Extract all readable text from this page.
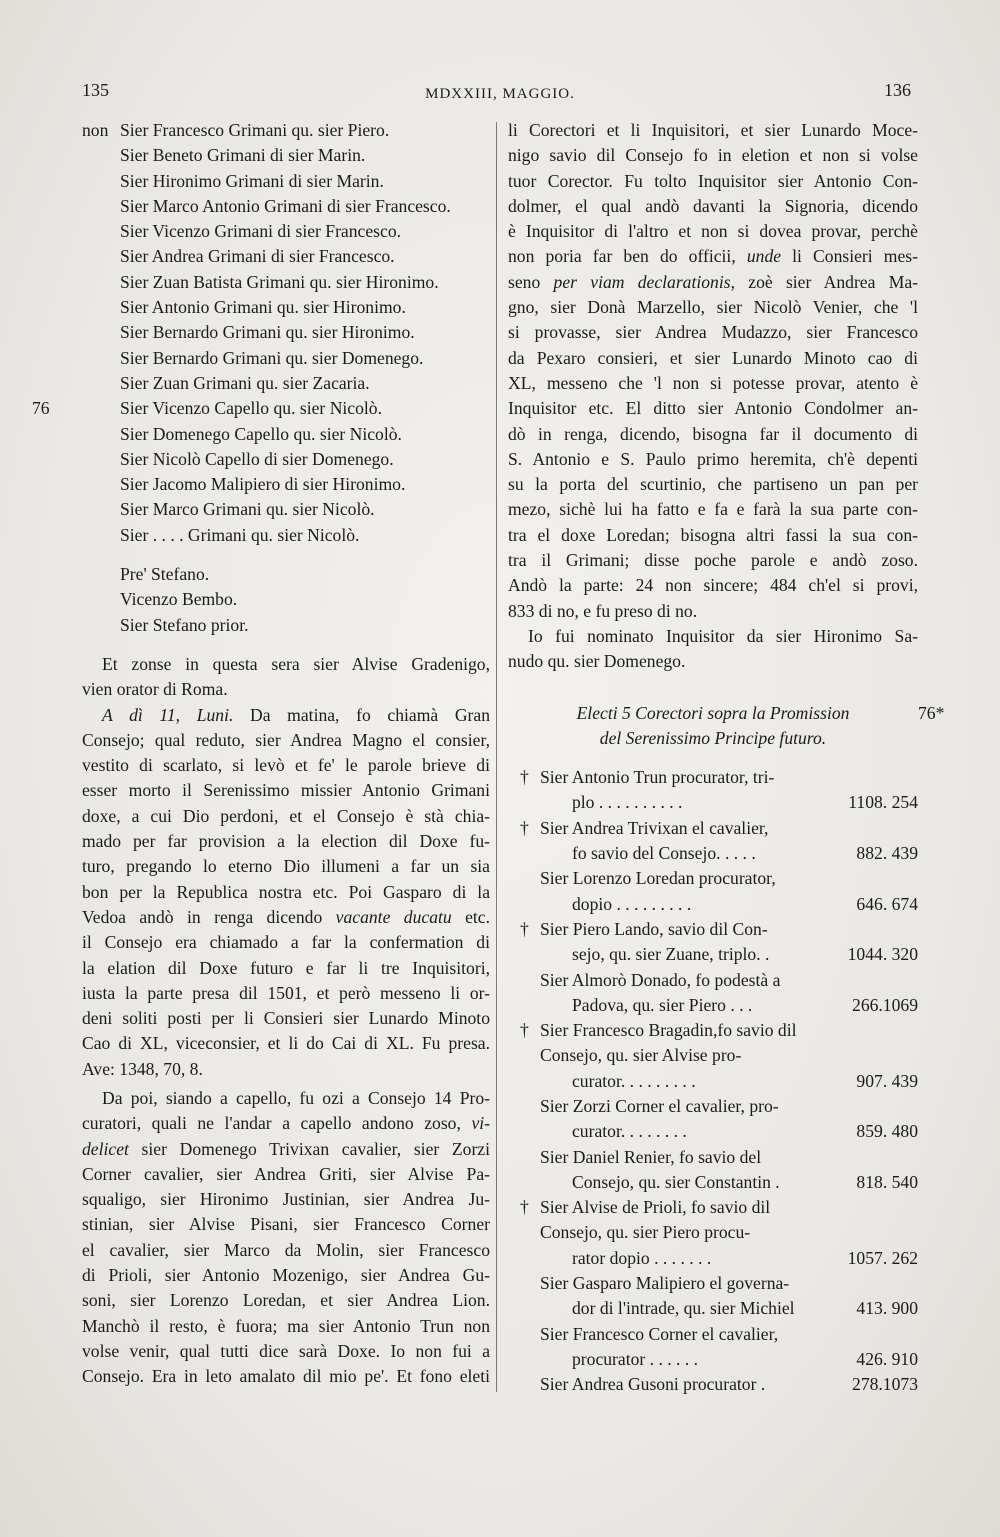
135	MDXXIII, MAGGIO.	136
non Sier Francesco Grimani qu. sier Piero.
Sier Beneto Grimani di sier Marin.
Sier Hironimo Grimani di sier Marin.
Sier Marco Antonio Grimani di sier Francesco.
Sier Vicenzo Grimani di sier Francesco.
Sier Andrea Grimani di sier Francesco.
Sier Zuan Batista Grimani qu. sier Hironimo.
Sier Antonio Grimani qu. sier Hironimo.
Sier Bernardo Grimani qu. sier Hironimo.
Sier Bernardo Grimani qu. sier Domenego.
Sier Zuan Grimani qu. sier Zacaria.
76	Sier Vicenzo Capello qu. sier Nicolò.
Sier Domenego Capello qu. sier Nicolò.
Sier Nicolò Capello di sier Domenego.
Sier Jacomo Malipiero di sier Hironimo.
Sier Marco Grimani qu. sier Nicolò.
Sier . . . . Grimani qu. sier Nicolò.
Pre' Stefano.
Vicenzo Bembo.
Sier Stefano prior.
Et zonse in questa sera sier Alvise Gradenigo,
vien orator di Roma.
A dì 11, Luni. Da matina, fo chiamà Gran
Consejo; qual reduto, sier Andrea Magno el consier,
vestito di scarlato, si levò et fe' le parole brieve di
esser morto il Serenissimo missier Antonio Grimani
doxe, a cui Dio perdoni, et el Consejo è stà chia-
mado per far provision a la election dil Doxe fu-
turo, pregando lo eterno Dio illumeni a far un sia
bon per la Republica nostra etc. Poi Gasparo di la
Vedoa andò in renga dicendo vacante ducatu etc.
il Consejo era chiamado a far la confermation di
la elation dil Doxe futuro e far li tre Inquisitori,
iusta la parte presa dil 1501, et però messeno li or-
deni soliti posti per li Consieri sier Lunardo Minoto
Cao di XL, viceconsier, et li do Cai di XL. Fu presa.
Ave: 1348, 70, 8.
Da poi, siando a capello, fu ozi a Consejo 14 Pro-
curatori, quali ne l'andar a capello andono zoso, vi-
delicet sier Domenego Trivixan cavalier, sier Zorzi
Corner cavalier, sier Andrea Griti, sier Alvise Pa-
squaligo, sier Hironimo Justinian, sier Andrea Ju-
stinian, sier Alvise Pisani, sier Francesco Corner
el cavalier, sier Marco da Molin, sier Francesco
di Prioli, sier Antonio Mozenigo, sier Andrea Gu-
soni, sier Lorenzo Loredan, et sier Andrea Lion.
Manchò il resto, è fuora; ma sier Antonio Trun non
volse venir, qual tutti dice sarà Doxe. Io non fui a
Consejo. Era in leto amalato dil mio pe'. Et fono eleti
li Corectori et li Inquisitori, et sier Lunardo Moce-
nigo savio dil Consejo fo in eletion et non si volse
tuor Corector. Fu tolto Inquisitor sier Antonio Con-
dolmer, el qual andò davanti la Signoria, dicendo
è Inquisitor di l'altro et non si dovea provar, perchè
non poria far ben do officii, unde li Consieri mes-
seno per viam declarationis, zoè sier Andrea Ma-
gno, sier Donà Marzello, sier Nicolò Venier, che 'l
si provasse, sier Andrea Mudazzo, sier Francesco
da Pexaro consieri, et sier Lunardo Minoto cao di
XL, messeno che 'l non si potesse provar, atento è
Inquisitor etc. El ditto sier Antonio Condolmer an-
dò in renga, dicendo, bisogna far il documento di
S. Antonio e S. Paulo primo heremita, ch'è depenti
su la porta del scurtinio, che partiseno un pan per
mezo, sichè lui ha fatto e fa e farà la sua parte con-
tra el doxe Loredan; bisogna altri fassi la sua con-
tra il Grimani; disse poche parole e andò zoso.
Andò la parte: 24 non sincere; 484 ch'el si provi,
833 di no, e fu preso di no.
Io fui nominato Inquisitor da sier Hironimo Sa-
nudo qu. sier Domenego.
Electi 5 Corectori sopra la Promission	76*
del Serenissimo Principe futuro.
† Sier Antonio Trun procurator, tri-
plo . . . . . . . . . .	1108. 254
† Sier Andrea Trivixan el cavalier,
fo savio del Consejo. . . . .	882. 439
Sier Lorenzo Loredan procurator,
dopio . . . . . . . . .	646. 674
† Sier Piero Lando, savio dil Con-
sejo, qu. sier Zuane, triplo. .	1044. 320
Sier Almorò Donado, fo podestà a
Padova, qu. sier Piero . . .	266.1069
† Sier Francesco Bragadin,fo savio dil
Consejo, qu. sier Alvise pro-
curator. . . . . . . . .	907. 439
Sier Zorzi Corner el cavalier, pro-
curator. . . . . . . .	859. 480
Sier Daniel Renier, fo savio del
Consejo, qu. sier Constantin .	818. 540
† Sier Alvise de Prioli, fo savio dil
Consejo, qu. sier Piero procu-
rator dopio . . . . . . .	1057. 262
Sier Gasparo Malipiero el governa-
dor di l'intrade, qu. sier Michiel	413. 900
Sier Francesco Corner el cavalier,
procurator . . . . . .	426. 910
Sier Andrea Gusoni procurator .	278.1073
